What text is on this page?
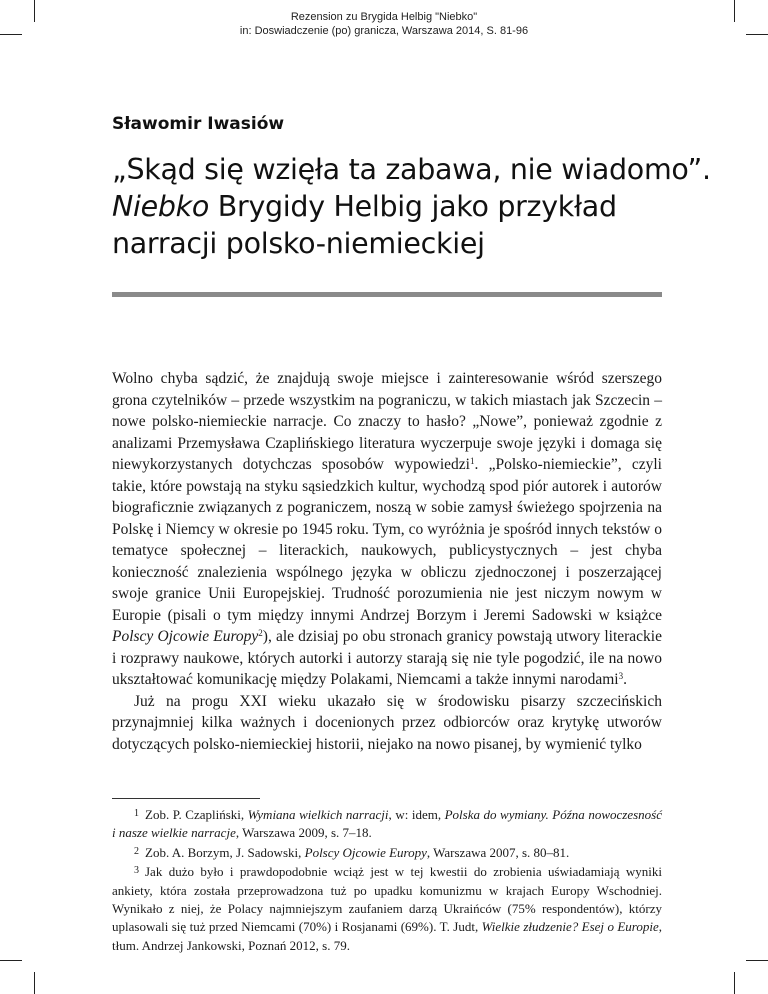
Rezension zu Brygida Helbig "Niebko"
in: Doswiadczenie (po) granicza, Warszawa 2014, S. 81-96
Sławomir Iwasiów
„Skąd się wzięła ta zabawa, nie wiadomo”.
Niebko Brygidy Helbig jako przykład
narracji polsko-niemieckiej

Wolno chyba sądzić, że znajdują swoje miejsce i zainteresowanie wśród szerszego grona czytelników – przede wszystkim na pograniczu, w takich miastach jak Szczecin – nowe polsko-niemieckie narracje. Co znaczy to hasło? „Nowe”, ponieważ zgodnie z analizami Przemysława Czaplińskiego literatura wyczerpuje swoje języki i domaga się niewykorzystanych dotychczas sposobów wypowiedzi$^1$. „Polsko-niemieckie”, czyli takie, które powstają na styku sąsiedzkich kultur, wychodzą spod piór autorek i autorów biograficznie związanych z pograniczem, noszą w sobie zamysł świeżego spojrzenia na Polskę i Niemcy w okresie po 1945 roku. Tym, co wyróżnia je spośród innych tekstów o tematyce społecznej – literackich, naukowych, publicystycznych – jest chyba konieczność znalezienia wspólnego języka w obliczu zjednoczonej i poszerzającej swoje granice Unii Europejskiej. Trudność porozumienia nie jest niczym nowym w Europie (pisali o tym między innymi Andrzej Borzym i Jeremi Sadowski w książce Polscy Ojcowie Europy$^2$), ale dzisiaj po obu stronach granicy powstają utwory literackie i rozprawy naukowe, których autorki i autorzy starają się nie tyle pogodzić, ile na nowo ukształtować komunikację między Polakami, Niemcami a także innymi narodami$^3$.

Już na progu XXI wieku ukazało się w środowisku pisarzy szczecińskich przynajmniej kilka ważnych i docenionych przez odbiorców oraz krytykę utworów dotyczących polsko-niemieckiej historii, niejako na nowo pisanej, by wymienić tylko

$^1$ Zob. P. Czapliński, Wymiana wielkich narracji, w: idem, Polska do wymiany. Późna nowoczesność i nasze wielkie narracje, Warszawa 2009, s. 7–18.

$^2$ Zob. A. Borzym, J. Sadowski, Polscy Ojcowie Europy, Warszawa 2007, s. 80–81.

$^3$ Jak dużo było i prawdopodobnie wciąż jest w tej kwestii do zrobienia uświadamiają wyniki ankiety, która została przeprowadzona tuż po upadku komunizmu w krajach Europy Wschodniej. Wynikało z niej, że Polacy najmniejszym zaufaniem darzą Ukraińców (75% respondentów), którzy uplasowali się tuż przed Niemcami (70%) i Rosjanami (69%). T. Judt, Wielkie złudzenie? Esej o Europie, tłum. Andrzej Jankowski, Poznań 2012, s. 79.
